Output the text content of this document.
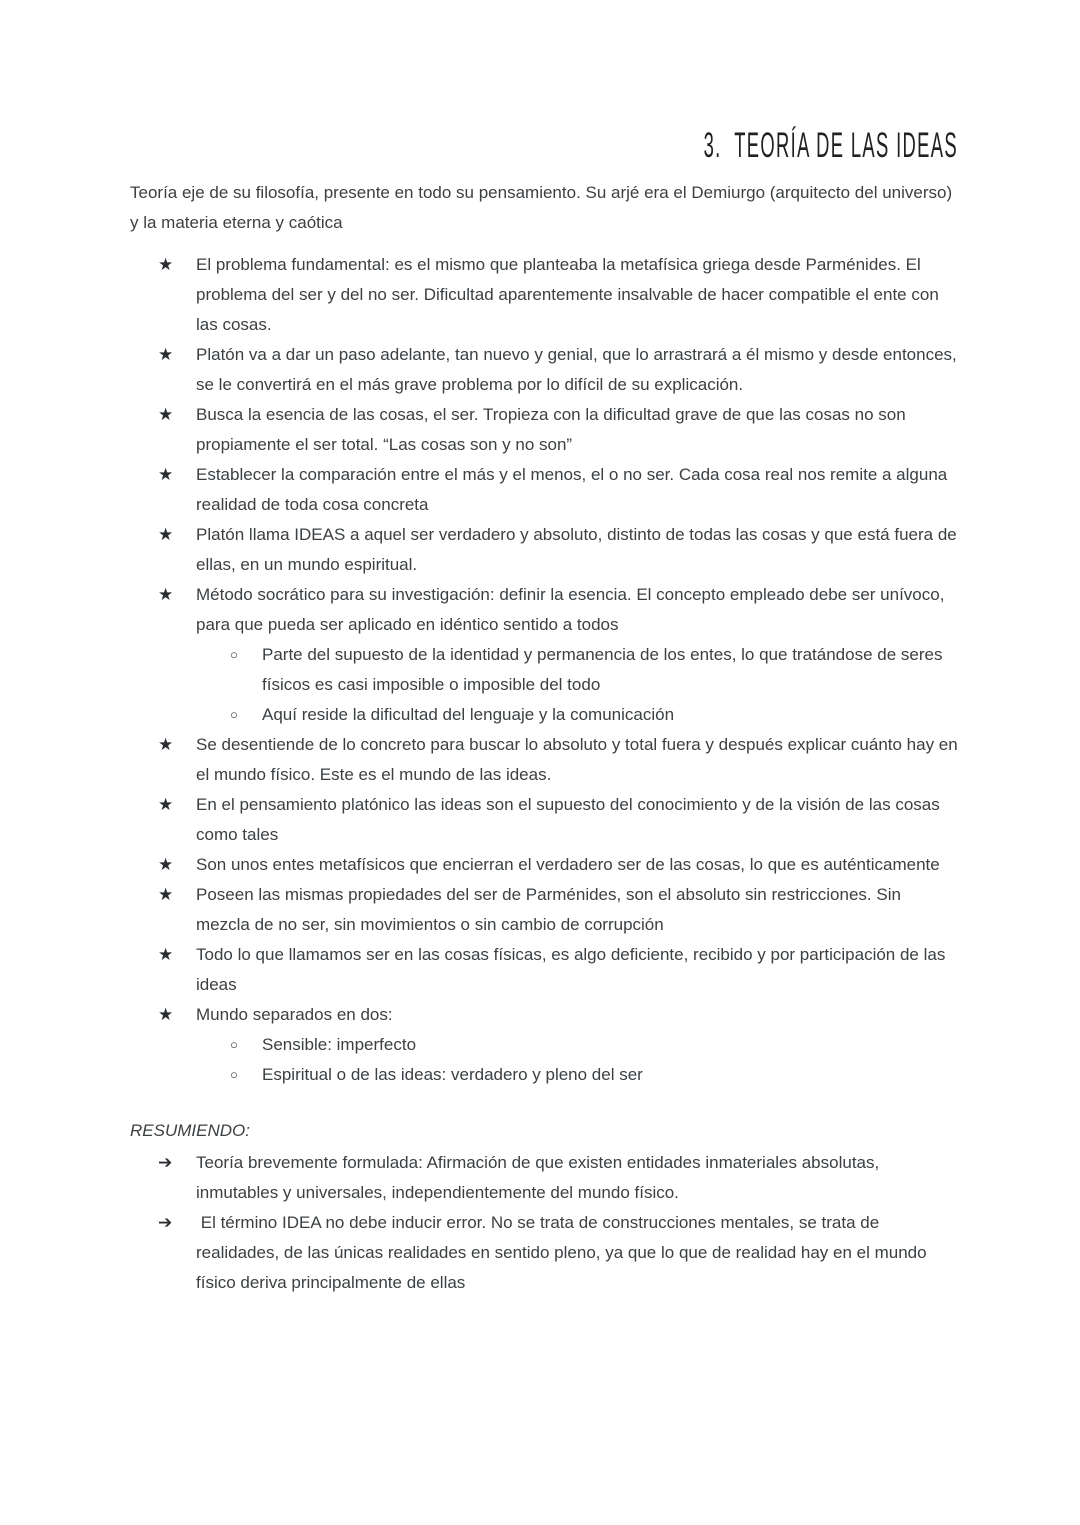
3.  TEORÍA DE LAS IDEAS

Teoría eje de su filosofía, presente en todo su pensamiento. Su arjé era el Demiurgo (arquitecto del universo) y la materia eterna y caótica

★	El problema fundamental: es el mismo que planteaba la metafísica griega desde Parménides. El problema del ser y del no ser. Dificultad aparentemente insalvable de hacer compatible el ente con las cosas.
★	Platón va a dar un paso adelante, tan nuevo y genial, que lo arrastrará a él mismo y desde entonces, se le convertirá en el más grave problema por lo difícil de su explicación.
★	Busca la esencia de las cosas, el ser. Tropieza con la dificultad grave de que las cosas no son propiamente el ser total. “Las cosas son y no son”
★	Establecer la comparación entre el más y el menos, el o no ser. Cada cosa real nos remite a alguna realidad de toda cosa concreta
★	Platón llama IDEAS a aquel ser verdadero y absoluto, distinto de todas las cosas y que está fuera de ellas, en un mundo espiritual.
★	Método socrático para su investigación: definir la esencia. El concepto empleado debe ser unívoco, para que pueda ser aplicado en idéntico sentido a todos
○	Parte del supuesto de la identidad y permanencia de los entes, lo que tratándose de seres físicos es casi imposible o imposible del todo
○	Aquí reside la dificultad del lenguaje y la comunicación
★	Se desentiende de lo concreto para buscar lo absoluto y total fuera y después explicar cuánto hay en el mundo físico. Este es el mundo de las ideas.
★	En el pensamiento platónico las ideas son el supuesto del conocimiento y de la visión de las cosas como tales
★	Son unos entes metafísicos que encierran el verdadero ser de las cosas, lo que es auténticamente
★	Poseen las mismas propiedades del ser de Parménides, son el absoluto sin restricciones. Sin mezcla de no ser, sin movimientos o sin cambio de corrupción
★	Todo lo que llamamos ser en las cosas físicas, es algo deficiente, recibido y por participación de las ideas
★	Mundo separados en dos:
○	Sensible: imperfecto
○	Espiritual o de las ideas: verdadero y pleno del ser

RESUMIENDO:

➔	Teoría brevemente formulada: Afirmación de que existen entidades inmateriales absolutas, inmutables y universales, independientemente del mundo físico.
➔	El término IDEA no debe inducir error. No se trata de construcciones mentales, se trata de realidades, de las únicas realidades en sentido pleno, ya que lo que de realidad hay en el mundo físico deriva principalmente de ellas
